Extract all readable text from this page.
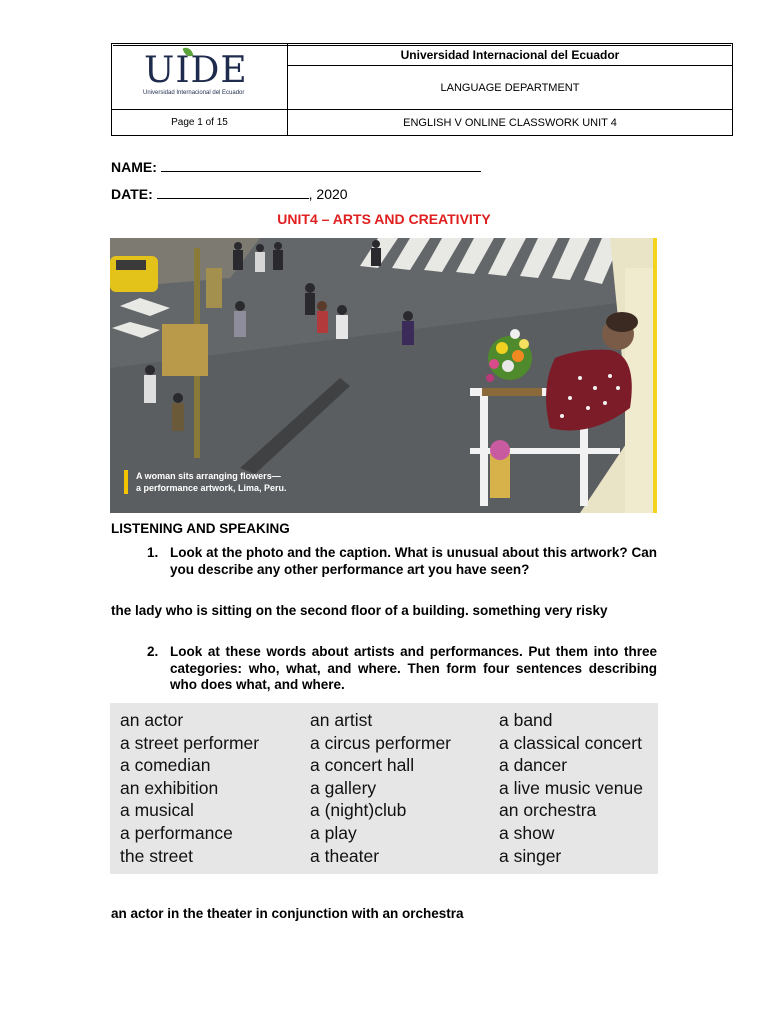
UIDE
Universidad Internacional del Ecuador
Page 1 of 15
Universidad Internacional del Ecuador
LANGUAGE DEPARTMENT
ENGLISH V ONLINE CLASSWORK UNIT 4
NAME:
DATE:	, 2020
UNIT4 – ARTS AND CREATIVITY
A woman sits arranging flowers—
a performance artwork, Lima, Peru.
LISTENING AND SPEAKING
1. Look at the photo and the caption. What is unusual about this artwork? Can you describe any other performance art you have seen?
the lady who is sitting on the second floor of a building. something very risky
2. Look at these words about artists and performances. Put them into three categories: who, what, and where. Then form four sentences describing who does what, and where.
an actor
a street performer
a comedian
an exhibition
a musical
a performance
the street
an artist
a circus performer
a concert hall
a gallery
a (night)club
a play
a theater
a band
a classical concert
a dancer
a live music venue
an orchestra
a show
a singer
an actor in the theater in conjunction with an orchestra
